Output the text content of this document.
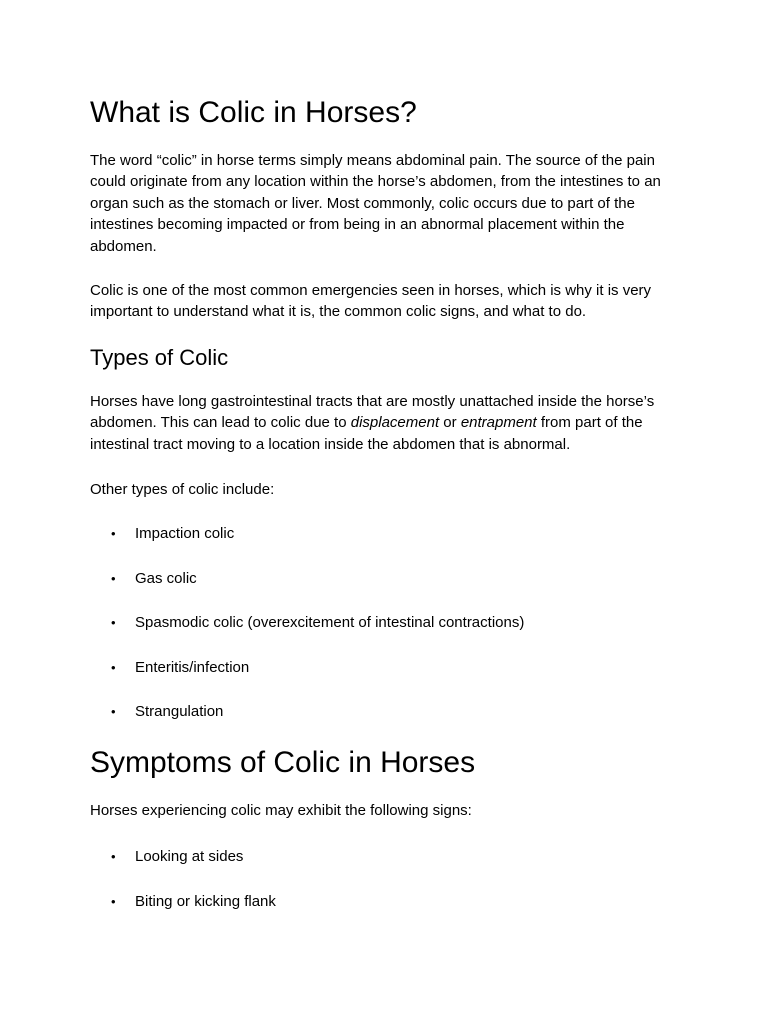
What is Colic in Horses?

The word “colic” in horse terms simply means abdominal pain. The source of the pain could originate from any location within the horse’s abdomen, from the intestines to an organ such as the stomach or liver. Most commonly, colic occurs due to part of the intestines becoming impacted or from being in an abnormal placement within the abdomen.

Colic is one of the most common emergencies seen in horses, which is why it is very important to understand what it is, the common colic signs, and what to do.

Types of Colic

Horses have long gastrointestinal tracts that are mostly unattached inside the horse’s abdomen. This can lead to colic due to displacement or entrapment from part of the intestinal tract moving to a location inside the abdomen that is abnormal.

Other types of colic include:

• Impaction colic
• Gas colic
• Spasmodic colic (overexcitement of intestinal contractions)
• Enteritis/infection
• Strangulation
Symptoms of Colic in Horses

Horses experiencing colic may exhibit the following signs:

• Looking at sides
• Biting or kicking flank
